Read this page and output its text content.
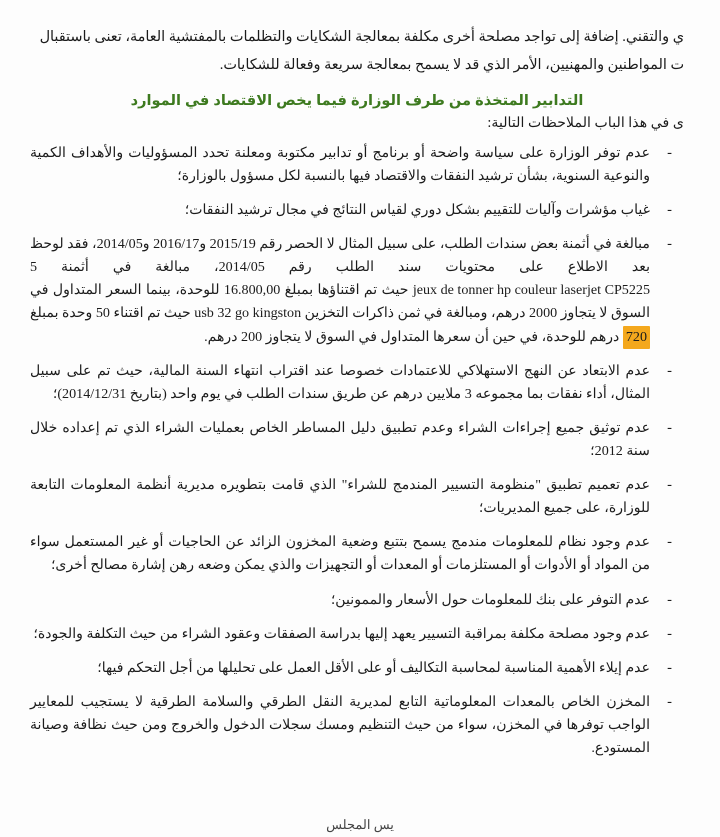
ي والتقني. إضافة إلى تواجد مصلحة أخرى مكلفة بمعالجة الشكايات والتظلمات بالمفتشية العامة، تعنى باستقبال

ت المواطنين والمهنيين، الأمر الذي قد لا يسمح بمعالجة سريعة وفعالة للشكايات.

التدابير المتخذة من طرف الوزارة فيما يخص الاقتصاد في الموارد
ى في هذا الباب الملاحظات التالية:
- عدم توفر الوزارة على سياسة واضحة أو برنامج أو تدابير مكتوبة ومعلنة تحدد المسؤوليات والأهداف الكمية والنوعية السنوية، بشأن ترشيد النفقات والاقتصاد فيها بالنسبة لكل مسؤول بالوزارة؛
- غياب مؤشرات وآليات للتقييم بشكل دوري لقياس النتائج في مجال ترشيد النفقات؛
- مبالغة في أثمنة بعض سندات الطلب، على سبيل المثال لا الحصر رقم 2015/19 و2016/17 و2014/05، فقد لوحظ بعد الاطلاع على محتويات سند الطلب رقم 2014/05، مبالغة في أثمنة 5 jeux de tonner hp couleur laserjet CP5225 حيث تم اقتناؤها بمبلغ 16.800,00 للوحدة، بينما السعر المتداول في السوق لا يتجاوز 2000 درهم، ومبالغة في ثمن ذاكرات التخزين usb 32 go kingston حيث تم اقتناء 50 وحدة بمبلغ 720 درهم للوحدة، في حين أن سعرها المتداول في السوق لا يتجاوز 200 درهم.
- عدم الابتعاد عن النهج الاستهلاكي للاعتمادات خصوصا عند اقتراب انتهاء السنة المالية، حيث تم على سبيل المثال، أداء نفقات بما مجموعه 3 ملايين درهم عن طريق سندات الطلب في يوم واحد (بتاريخ 2014/12/31)؛
- عدم توثيق جميع إجراءات الشراء وعدم تطبيق دليل المساطر الخاص بعمليات الشراء الذي تم إعداده خلال سنة 2012؛
- عدم تعميم تطبيق "منظومة التسيير المندمج للشراء" الذي قامت بتطويره مديرية أنظمة المعلومات التابعة للوزارة، على جميع المديريات؛
- عدم وجود نظام للمعلومات مندمج يسمح بتتبع وضعية المخزون الزائد عن الحاجيات أو غير المستعمل سواء من المواد أو الأدوات أو المستلزمات أو المعدات أو التجهيزات والذي يمكن وضعه رهن إشارة مصالح أخرى؛
- عدم التوفر على بنك للمعلومات حول الأسعار والممونين؛
- عدم وجود مصلحة مكلفة بمراقبة التسيير يعهد إليها بدراسة الصفقات وعقود الشراء من حيث التكلفة والجودة؛
- عدم إيلاء الأهمية المناسبة لمحاسبة التكاليف أو على الأقل العمل على تحليلها من أجل التحكم فيها؛
- المخزن الخاص بالمعدات المعلوماتية التابع لمديرية النقل الطرقي والسلامة الطرقية لا يستجيب للمعايير الواجب توفرها في المخزن، سواء من حيث التنظيم ومسك سجلات الدخول والخروج ومن حيث نظافة وصيانة المستودع.
يس المجلس
